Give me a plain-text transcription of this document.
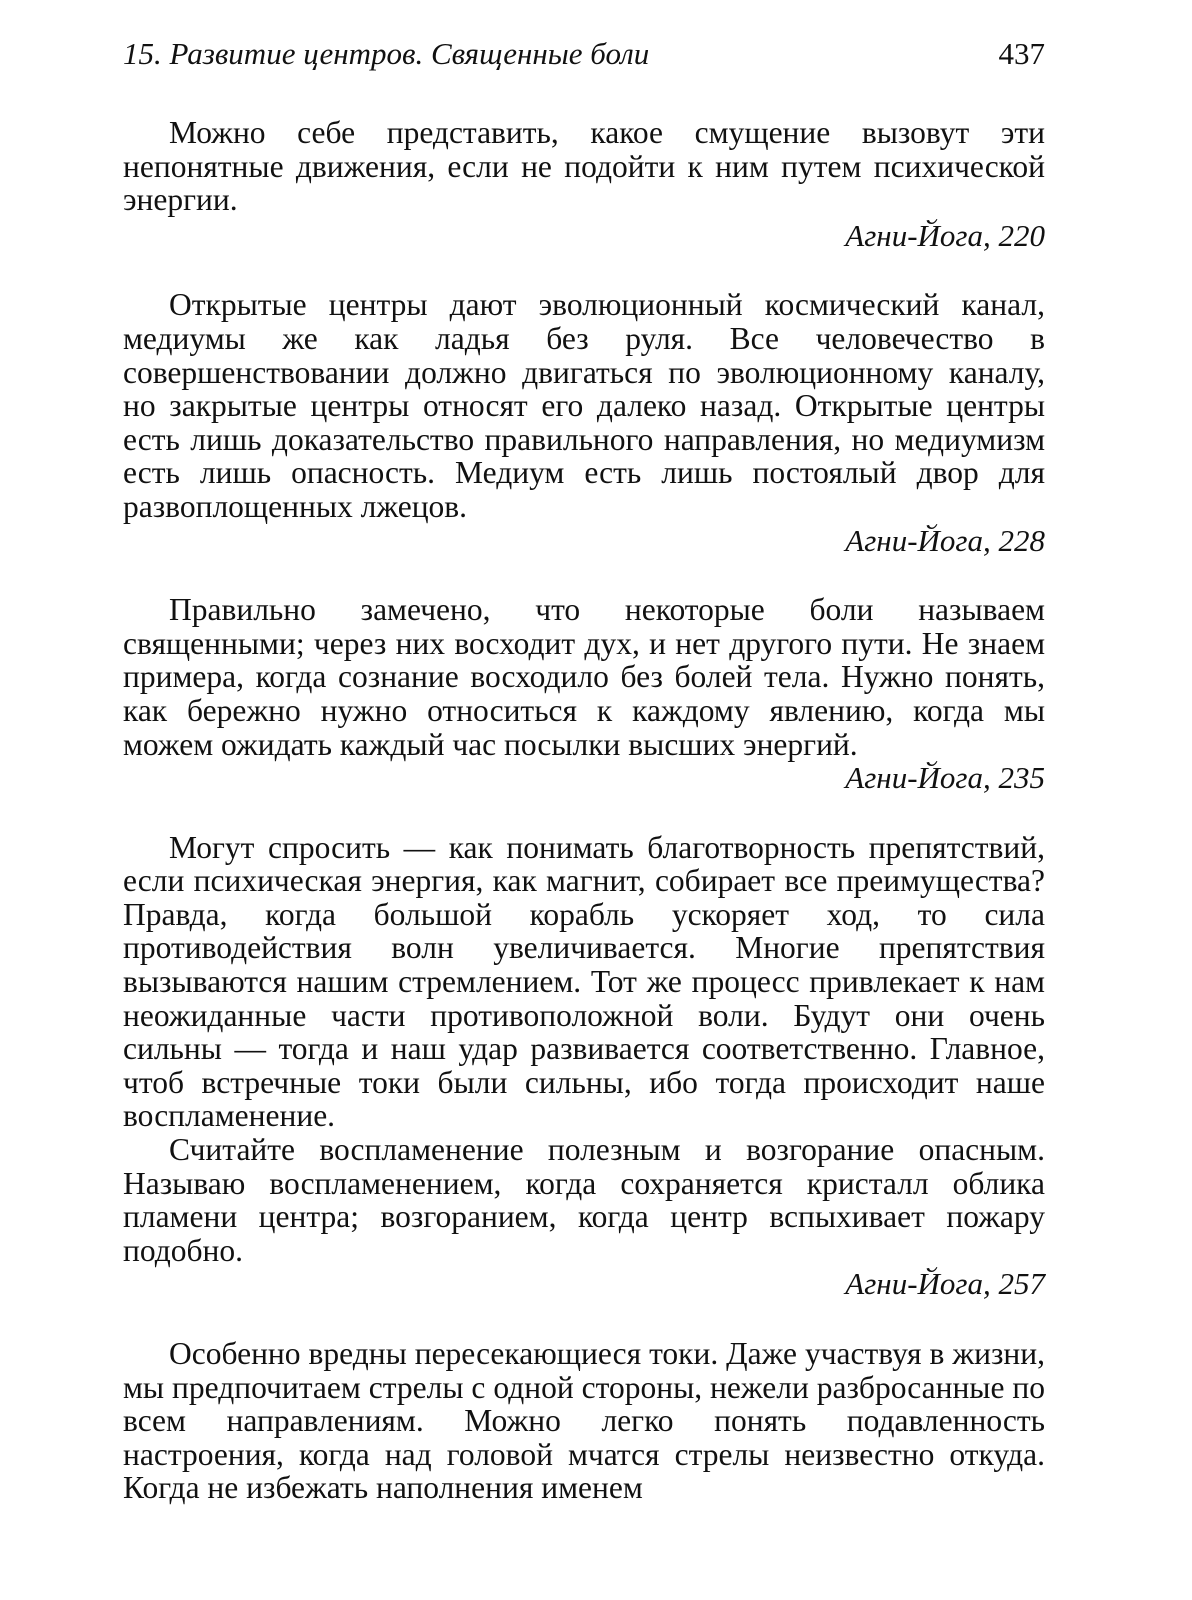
15. Развитие центров. Священные боли	437

Можно себе представить, какое смущение вызовут эти непонятные движения, если не подойти к ним путем психической энергии.

Агни-Йога, 220

Открытые центры дают эволюционный космический канал, медиумы же как ладья без руля. Все человечество в совершенствовании должно двигаться по эволюционному каналу, но закрытые центры относят его далеко назад. Открытые центры есть лишь доказательство правильного направления, но медиумизм есть лишь опасность. Медиум есть лишь постоялый двор для развоплощенных лжецов.

Агни-Йога, 228

Правильно замечено, что некоторые боли называем священными; через них восходит дух, и нет другого пути. Не знаем примера, когда сознание восходило без болей тела. Нужно понять, как бережно нужно относиться к каждому явлению, когда мы можем ожидать каждый час посылки высших энергий.

Агни-Йога, 235

Могут спросить — как понимать благотворность препятствий, если психическая энергия, как магнит, собирает все преимущества? Правда, когда большой корабль ускоряет ход, то сила противодействия волн увеличивается. Многие препятствия вызываются нашим стремлением. Тот же процесс привлекает к нам неожиданные части противоположной воли. Будут они очень сильны — тогда и наш удар развивается соответственно. Главное, чтоб встречные токи были сильны, ибо тогда происходит наше воспламенение.

Считайте воспламенение полезным и возгорание опасным. Называю воспламенением, когда сохраняется кристалл облика пламени центра; возгоранием, когда центр вспыхивает пожару подобно.

Агни-Йога, 257

Особенно вредны пересекающиеся токи. Даже участвуя в жизни, мы предпочитаем стрелы с одной стороны, нежели разбросанные по всем направлениям. Можно легко понять подавленность настроения, когда над головой мчатся стрелы неизвестно откуда. Когда не избежать наполнения именем
